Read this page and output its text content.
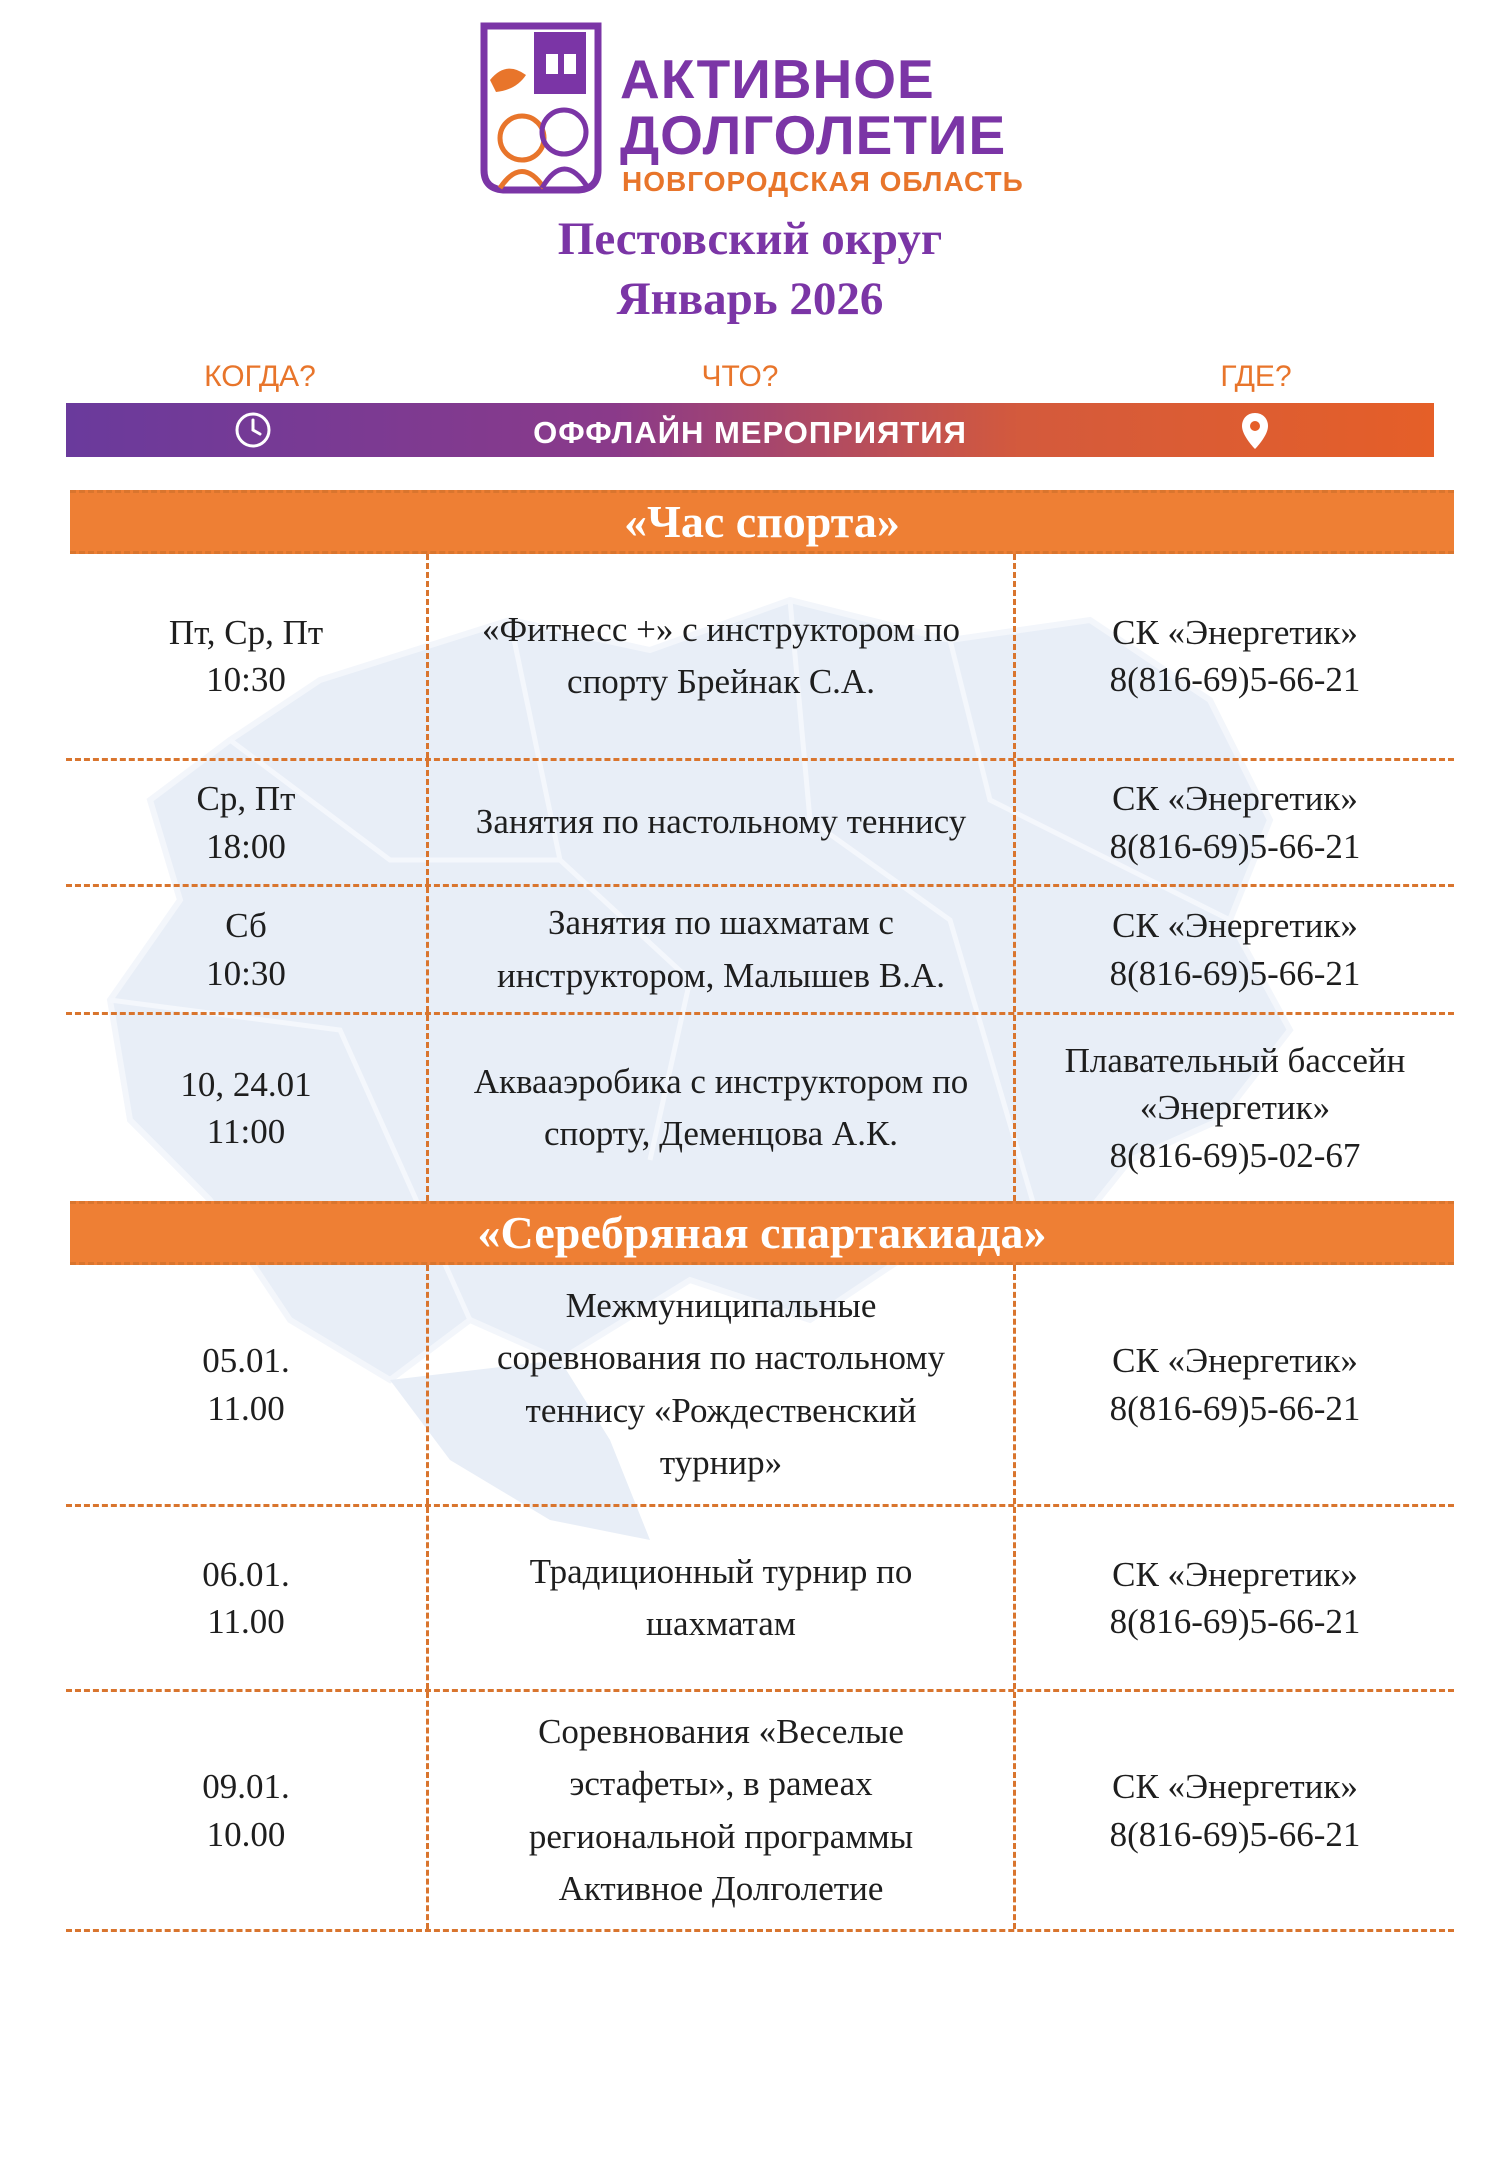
АКТИВНОЕ
ДОЛГОЛЕТИЕ
НОВГОРОДСКАЯ ОБЛАСТЬ
Пестовский округ
Январь 2026
КОГДА?	ЧТО?	ГДЕ?
ОФФЛАЙН МЕРОПРИЯТИЯ
«Час спорта»
Пт, Ср, Пт
10:30
«Фитнесс +» с инструктором по
спорту Брейнак С.А.
СК «Энергетик»
8(816-69)5-66-21
Ср, Пт
18:00
Занятия по настольному теннису
СК «Энергетик»
8(816-69)5-66-21
Сб
10:30
Занятия по шахматам с
инструктором, Малышев В.А.
СК «Энергетик»
8(816-69)5-66-21
10, 24.01
11:00
Аквааэробика с инструктором по
спорту, Деменцова А.К.
Плавательный бассейн
«Энергетик»
8(816-69)5-02-67
«Серебряная спартакиада»
05.01.
11.00
Межмуниципальные
соревнования по настольному
теннису «Рождественский
турнир»
СК «Энергетик»
8(816-69)5-66-21
06.01.
11.00
Традиционный турнир по
шахматам
СК «Энергетик»
8(816-69)5-66-21
09.01.
10.00
Соревнования «Веселые
эстафеты», в рамеах
региональной программы
Активное Долголетие
СК «Энергетик»
8(816-69)5-66-21
